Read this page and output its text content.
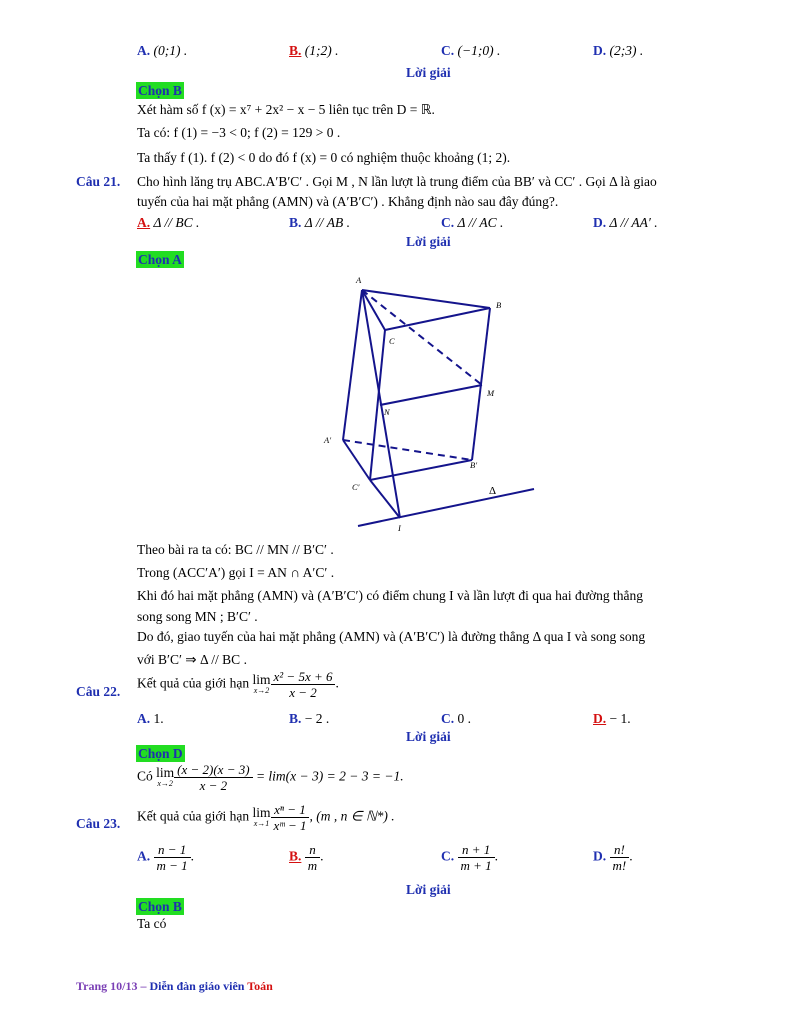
A. (0;1) .	B. (1;2) .	C. (−1;0) .	D. (2;3) .
Lời giải
Chọn B
Xét hàm số f (x) = x⁷ + 2x² − x − 5 liên tục trên D = ℝ.
Ta có: f (1) = −3 < 0; f (2) = 129 > 0 .
Ta thấy f (1). f (2) < 0 do đó f (x) = 0 có nghiệm thuộc khoảng (1; 2).
Câu 21. Cho hình lăng trụ ABC.A′B′C′ . Gọi M , N lần lượt là trung điểm của BB′ và CC′ . Gọi Δ là giao
tuyến của hai mặt phẳng (AMN) và (A′B′C′) . Khẳng định nào sau đây đúng?.
A. Δ // BC .	B. Δ // AB .	C. Δ // AC .	D. Δ // AA′ .
Lời giải
Chọn A
A
B
C
M
N
A′
B′
C′
I
Δ
Theo bài ra ta có: BC // MN // B′C′ .
Trong (ACC′A′) gọi I = AN ∩ A′C′ .
Khi đó hai mặt phẳng (AMN) và (A′B′C′) có điểm chung I và lần lượt đi qua hai đường thẳng
song song MN ; B′C′ .
Do đó, giao tuyến của hai mặt phẳng (AMN) và (A′B′C′) là đường thẳng Δ qua I và song song
với B′C′ ⇒ Δ // BC .
Câu 22.
Kết quả của giới hạn lim
$x\to 2 \frac{\text{x² − 5x + 6}}{x - 2}$ .
A. 1.	B. − 2 .	C. 0 .	D. − 1.
Lời giải
Chọn D
Có lim
$x\to 2 \frac{(x - 2)(x - 3)}{x - 2} = \lim(x - 3) = 2 - 3 = -1$.
Câu 23. Kết quả của giới hạn lim
$x\to 1 \frac{\text{xⁿ − 1}}{\text{xᵐ − 1}}$ , (m , n ∈ ℕ*) .
A. $\frac{n - 1}{m - 1}$ .	B. $\frac{n}{m}$ .	C. $\frac{n + 1}{m + 1}$ .	D. $\frac{n!}{m!}$ .
Lời giải
Chọn B
Ta có
Trang 10/13 – Diễn đàn giáo viên Toán
